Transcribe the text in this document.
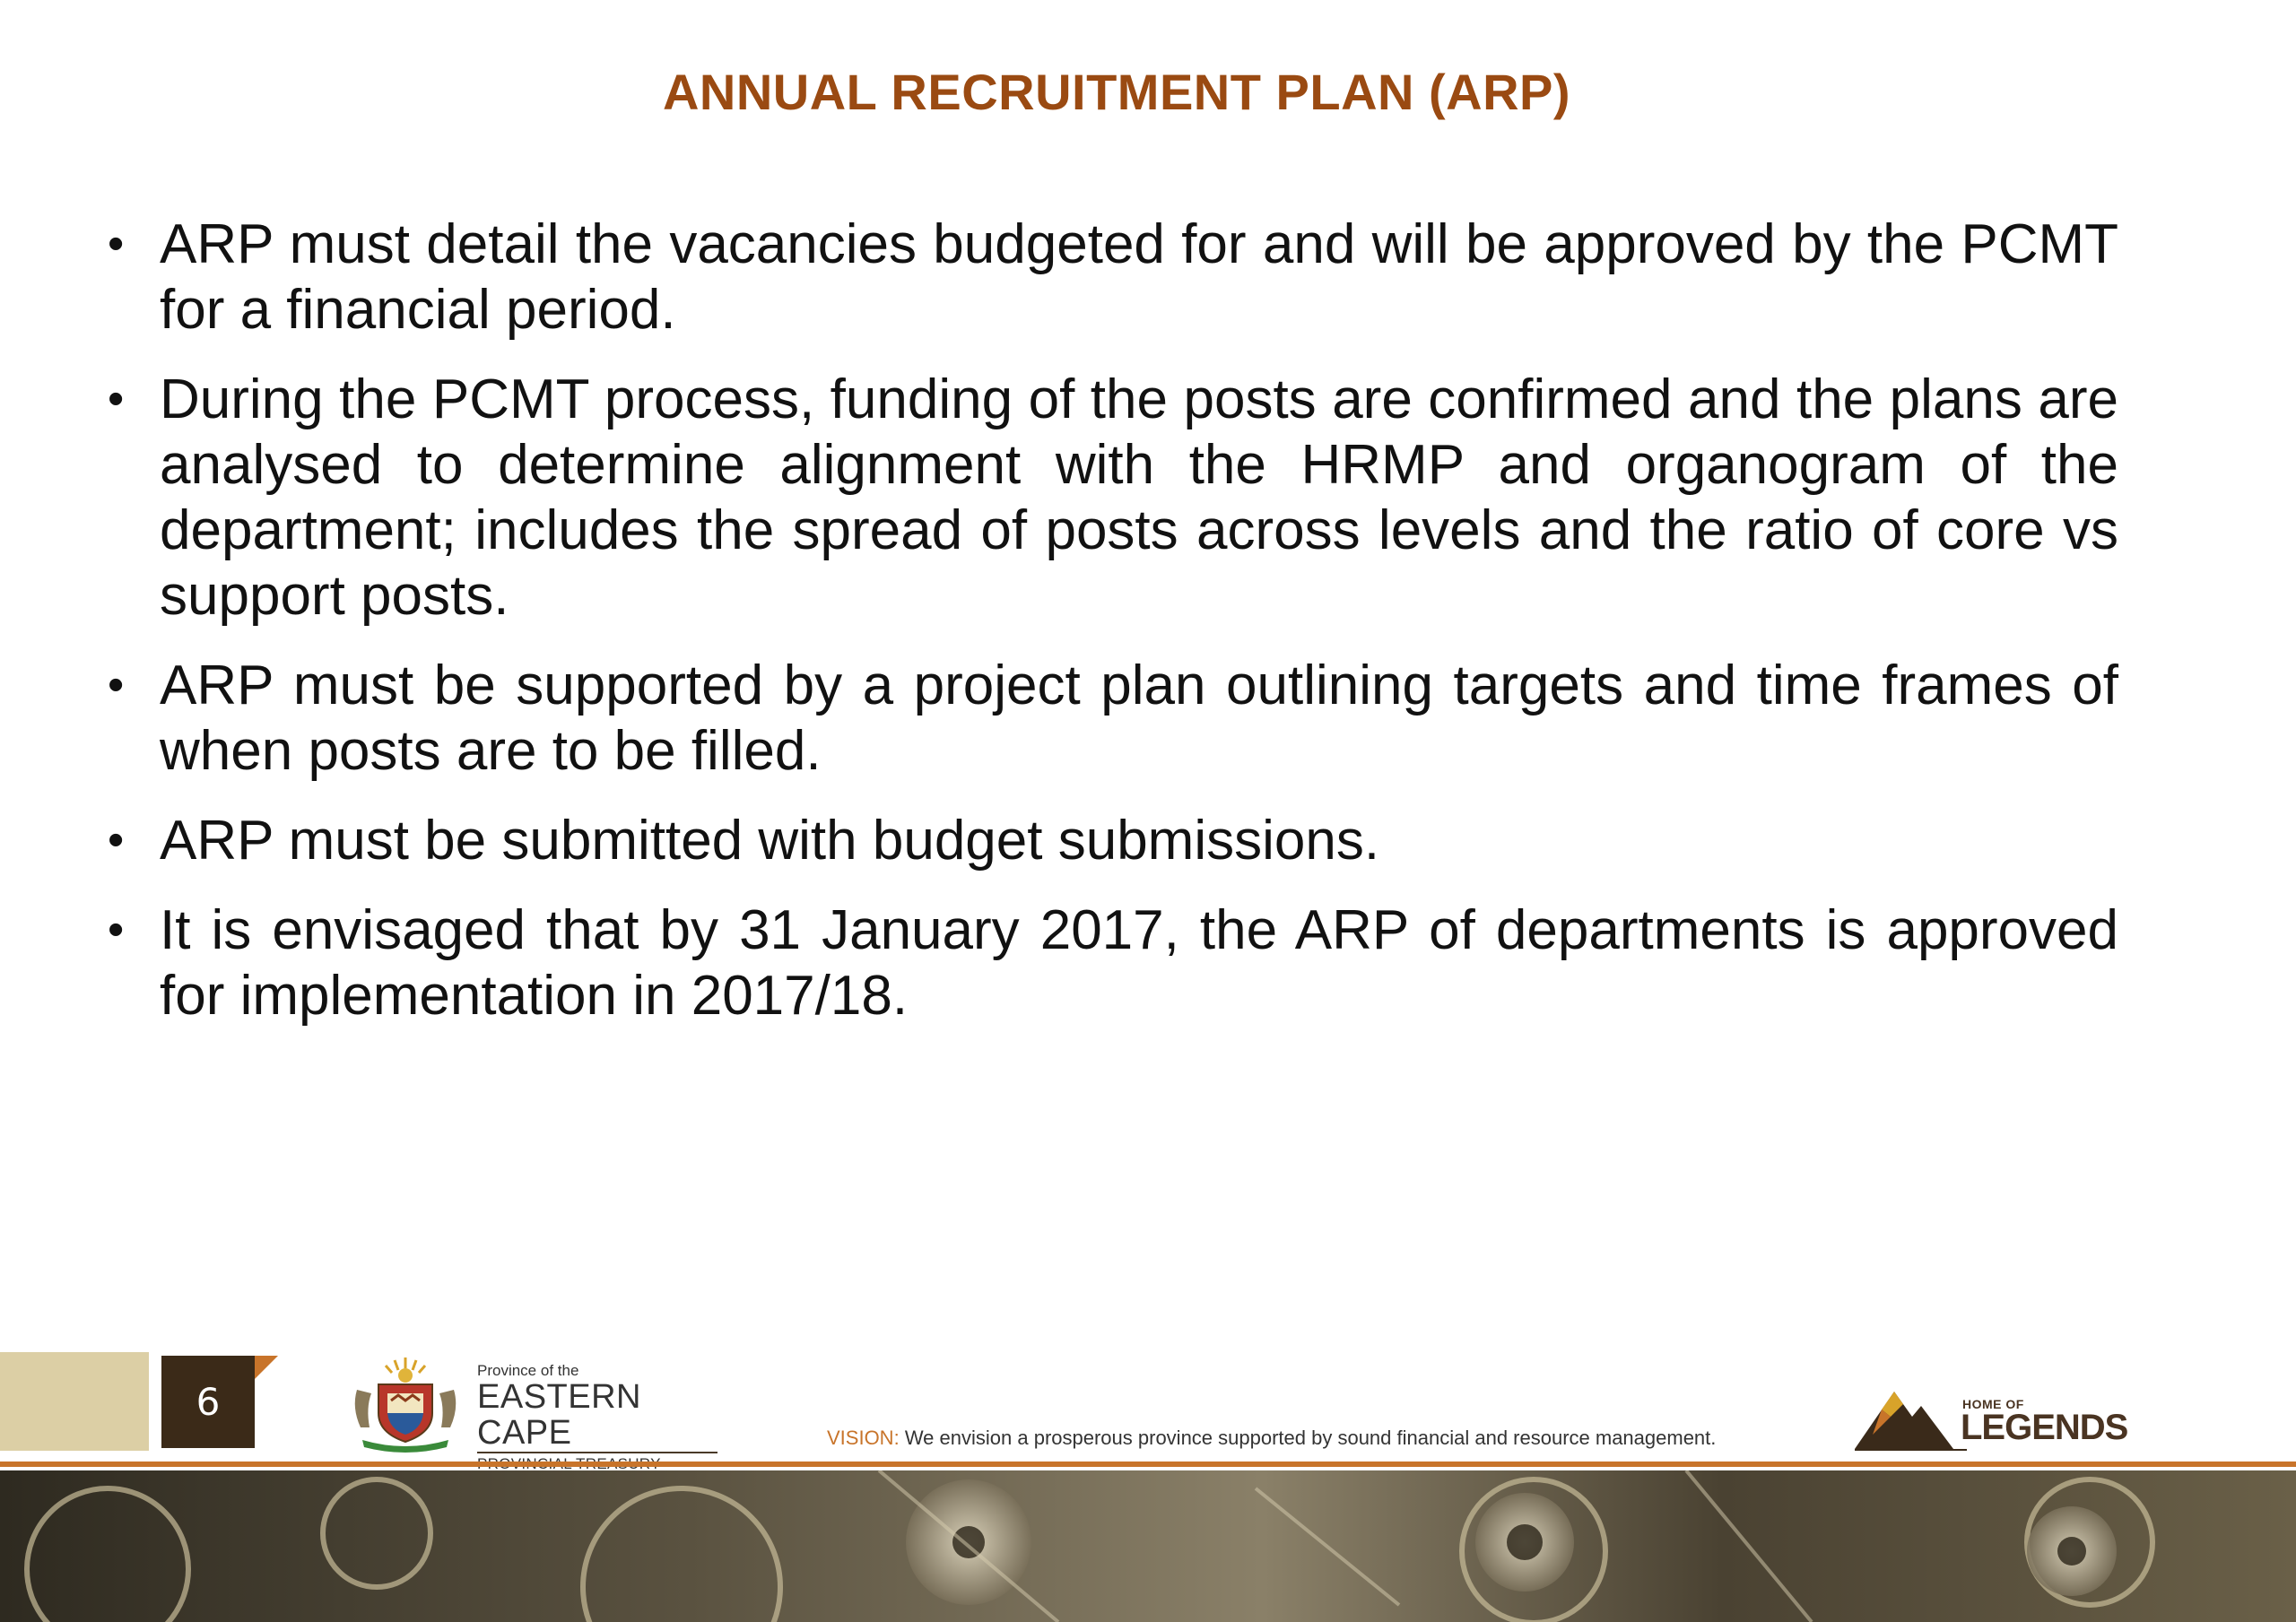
ANNUAL RECRUITMENT PLAN (ARP)
• ARP must detail the vacancies budgeted for and will be approved by the PCMT for a financial period.
• During the PCMT process, funding of the posts are confirmed and the plans are analysed to determine alignment with the HRMP and organogram of the department; includes the spread of posts across levels and the ratio of core vs support posts.
• ARP must be supported by a project plan outlining targets and time frames of when posts are to be filled.
• ARP must be submitted with budget submissions.
• It is envisaged that by 31 January 2017, the ARP of departments is approved for implementation in 2017/18.
6
Province of the
EASTERN CAPE	VISION: We envision a prosperous province supported by sound financial and resource management.
HOME OF
LEGENDS
